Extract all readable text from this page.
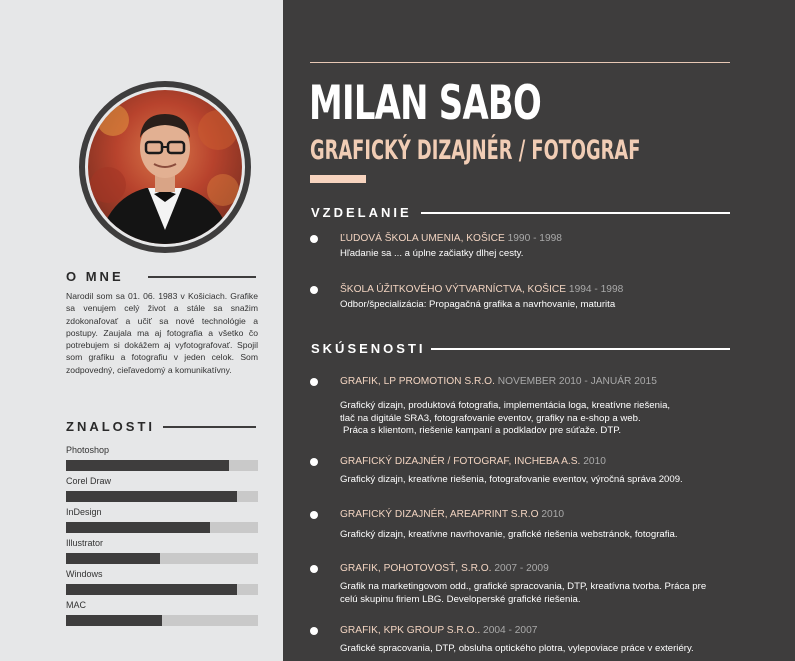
O MNE
Narodil som sa 01. 06. 1983 v Košiciach. Grafike sa venujem celý život a stále sa snažim zdokonaľovať a učiť sa nové technológie a postupy. Zaujala ma aj fotografia a všetko čo potrebujem si dokážem aj vyfotografovať. Spojil som grafiku a fotografiu v jeden celok. Som zodpovedný, cieľavedomý a komunikatívny.
ZNALOSTI
Photoshop
Corel Draw
InDesign
Illustrator
Windows
MAC
MILAN SABO
GRAFICKÝ DIZAJNÉR / FOTOGRAF
VZDELANIE
ĽUDOVÁ ŠKOLA UMENIA, KOŠICE 1990 - 1998
Hľadanie sa ... a úplne začiatky dlhej cesty.
ŠKOLA ÚŽITKOVÉHO VÝTVARNÍCTVA, KOŠICE 1994 - 1998
Odbor/špecializácia: Propagačná grafika a navrhovanie, maturita
SKÚSENOSTI
GRAFIK, LP PROMOTION S.R.O. NOVEMBER 2010 - JANUÁR 2015
Grafický dizajn, produktová fotografia, implementácia loga, kreatívne riešenia,
tlač na digitále SRA3, fotografovanie eventov, grafiky na e-shop a web.
Práca s klientom, riešenie kampaní a podkladov pre súťaže. DTP.
GRAFICKÝ DIZAJNÉR / FOTOGRAF, INCHEBA A.S. 2010
Grafický dizajn, kreatívne riešenia, fotografovanie eventov, výročná správa 2009.
GRAFICKÝ DIZAJNÉR, AREAPRINT S.R.O 2010
Grafický dizajn, kreatívne navrhovanie, grafické riešenia webstránok, fotografia.
GRAFIK, POHOTOVOSŤ, S.R.O. 2007 - 2009
Grafik na marketingovom odd., grafické spracovania, DTP, kreatívna tvorba. Práca pre
celú skupinu firiem LBG. Developerské grafické riešenia.
GRAFIK, KPK GROUP S.R.O.. 2004 - 2007
Grafické spracovania, DTP, obsluha optického plotra, vylepoviace práce v exteriéry.
